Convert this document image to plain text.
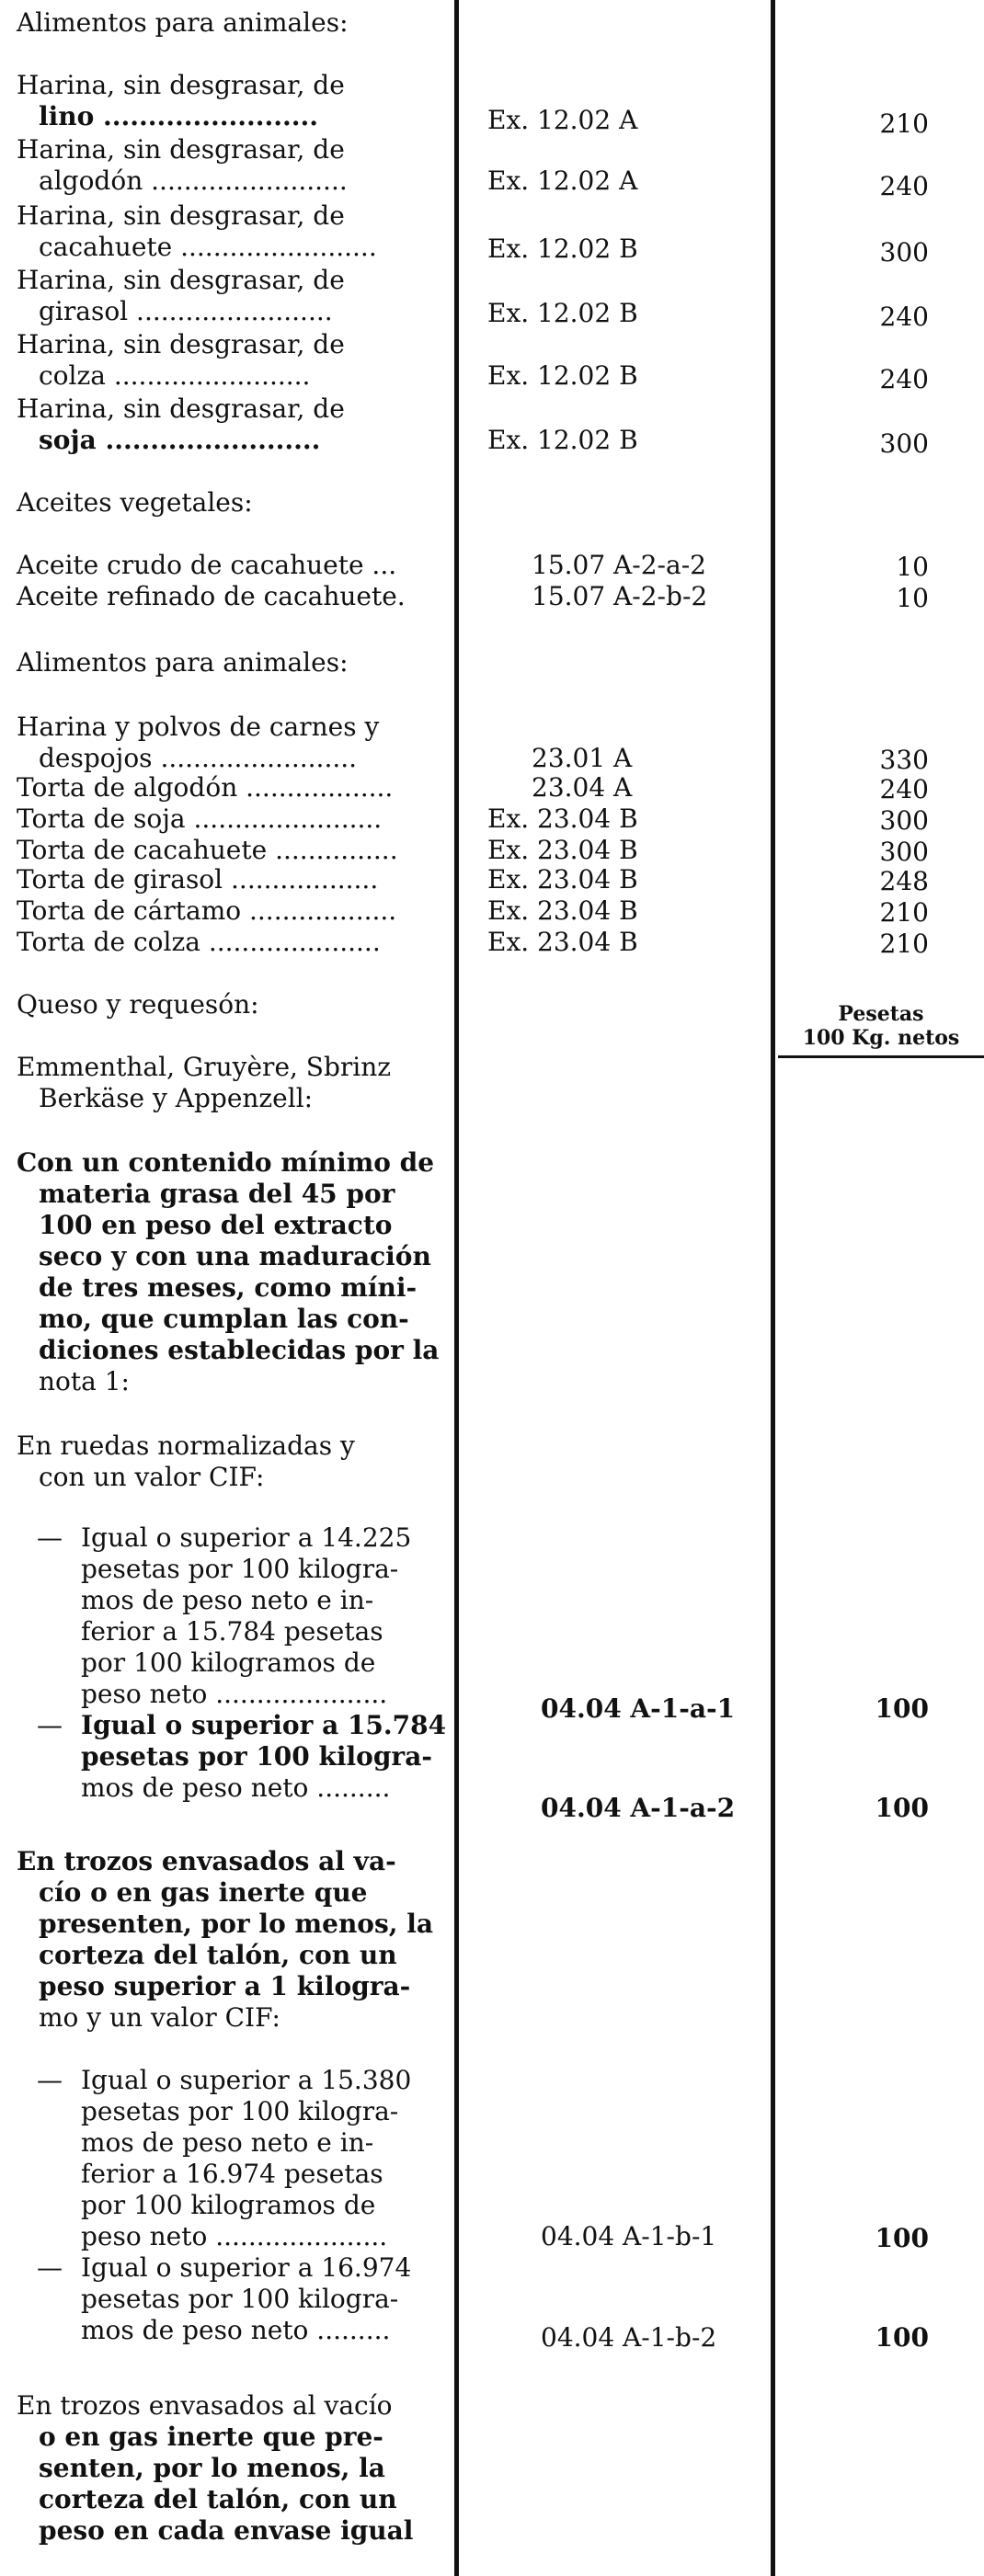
Alimentos para animales:
Harina, sin desgrasar, de
lino ........................	Ex. 12.02 A	210
Harina, sin desgrasar, de
algodón ........................	Ex. 12.02 A	240
Harina, sin desgrasar, de
cacahuete ........................	Ex. 12.02 B	300
Harina, sin desgrasar, de
girasol ........................	Ex. 12.02 B	240
Harina, sin desgrasar, de
colza ........................	Ex. 12.02 B	240
Harina, sin desgrasar, de
soja ........................	Ex. 12.02 B	300
Aceites vegetales:
Aceite crudo de cacahuete ...	15.07 A-2-a-2	10
Aceite refinado de cacahuete.	15.07 A-2-b-2	10
Alimentos para animales:
Harina y polvos de carnes y
despojos ........................	23.01 A	330
Torta de algodón ..................	23.04 A	240
Torta de soja .......................	Ex. 23.04 B	300
Torta de cacahuete ...............	Ex. 23.04 B	300
Torta de girasol ..................	Ex. 23.04 B	248
Torta de cártamo ..................	Ex. 23.04 B	210
Torta de colza .....................	Ex. 23.04 B	210
Queso y requesón:	Pesetas
100 Kg. netos
Emmenthal, Gruyère, Sbrinz
Berkäse y Appenzell:
Con un contenido mínimo de
materia grasa del 45 por
100 en peso del extracto
seco y con una maduración
de tres meses, como míni-
mo, que cumplan las con-
diciones establecidas por la
nota 1:
En ruedas normalizadas y
con un valor CIF:
— Igual o superior a 14.225
pesetas por 100 kilogra-
mos de peso neto e in-
ferior a 15.784 pesetas
por 100 kilogramos de
peso neto .....................	04.04 A-1-a-1	100
— Igual o superior a 15.784
pesetas por 100 kilogra-
mos de peso neto .........
04.04 A-1-a-2	100
En trozos envasados al va-
cío o en gas inerte que
presenten, por lo menos, la
corteza del talón, con un
peso superior a 1 kilogra-
mo y un valor CIF:
— Igual o superior a 15.380
pesetas por 100 kilogra-
mos de peso neto e in-
ferior a 16.974 pesetas
por 100 kilogramos de
peso neto .....................	04.04 A-1-b-1	100
— Igual o superior a 16.974
pesetas por 100 kilogra-
mos de peso neto .........	04.04 A-1-b-2	100
En trozos envasados al vacío
o en gas inerte que pre-
senten, por lo menos, la
corteza del talón, con un
peso en cada envase igual
